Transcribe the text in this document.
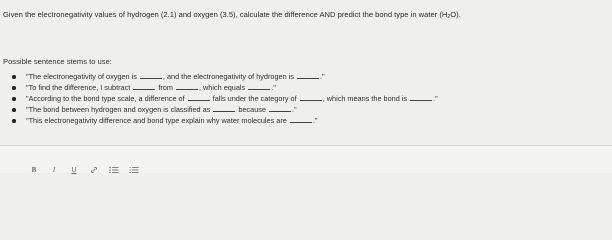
Given the electronegativity values of hydrogen (2.1) and oxygen (3.5), calculate the difference AND predict the bond type in water (H2O).
Possible sentence stems to use:
"The electronegativity of oxygen is	, and the electronegativity of hydrogen is	."
"To find the difference, I subtract	from	, which equals	."
"According to the bond type scale, a difference of	falls under the category of	, which means the bond is	."
"The bond between hydrogen and oxygen is classified as	because	."
"This electronegativity difference and bond type explain why water molecules are	."
B	I	U
